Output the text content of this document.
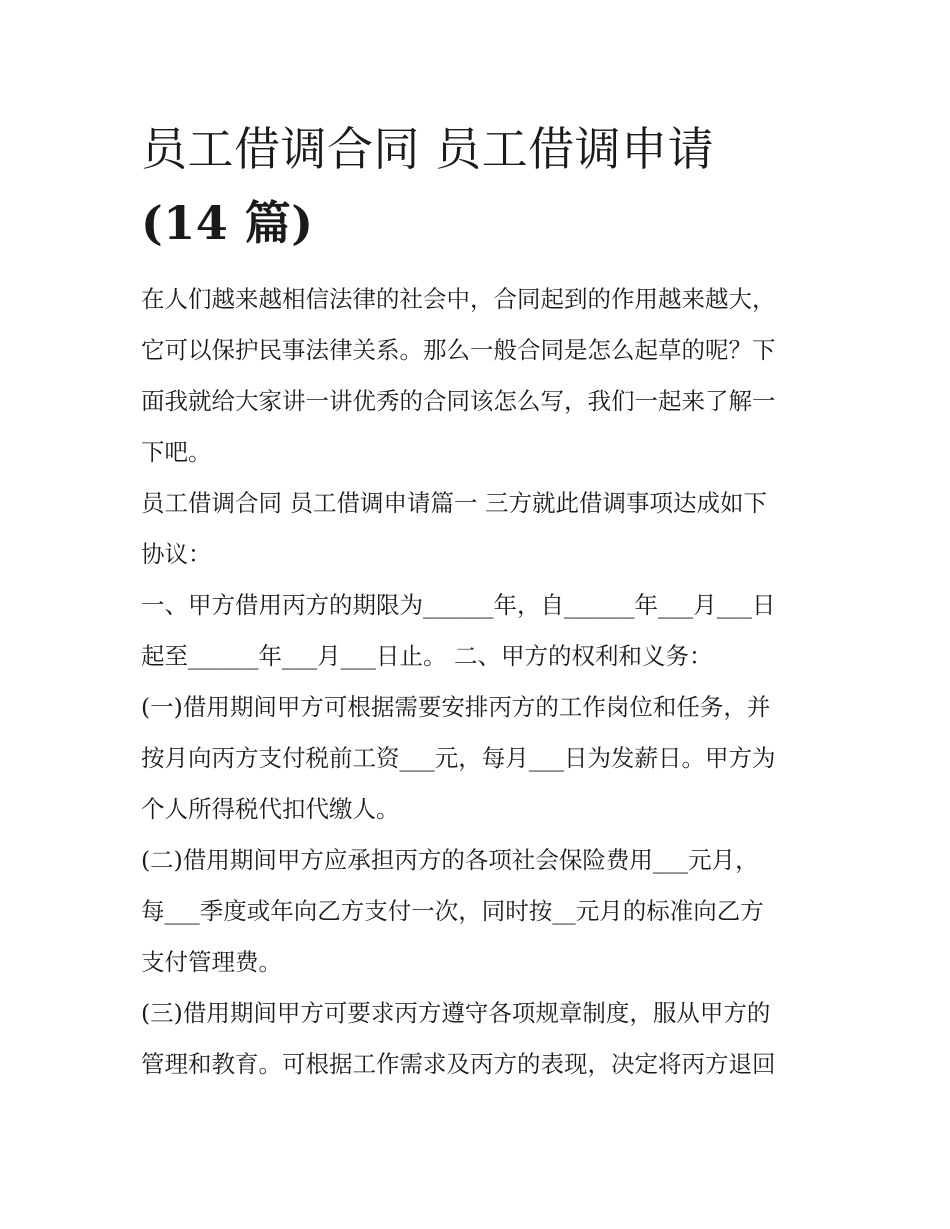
员工借调合同 员工借调申请
(14 篇)

在人们越来越相信法律的社会中，合同起到的作用越来越大，
它可以保护民事法律关系。那么一般合同是怎么起草的呢？下
面我就给大家讲一讲优秀的合同该怎么写，我们一起来了解一
下吧。

员工借调合同 员工借调申请篇一 三方就此借调事项达成如下
协议：

一、甲方借用丙方的期限为______年，自______年___月___日
起至______年___月___日止。 二、甲方的权利和义务：

(一)借用期间甲方可根据需要安排丙方的工作岗位和任务，并
按月向丙方支付税前工资___元，每月___日为发薪日。甲方为
个人所得税代扣代缴人。

(二)借用期间甲方应承担丙方的各项社会保险费用___元月，
每___季度或年向乙方支付一次，同时按__元月的标准向乙方
支付管理费。

(三)借用期间甲方可要求丙方遵守各项规章制度，服从甲方的
管理和教育。可根据工作需求及丙方的表现，决定将丙方退回
